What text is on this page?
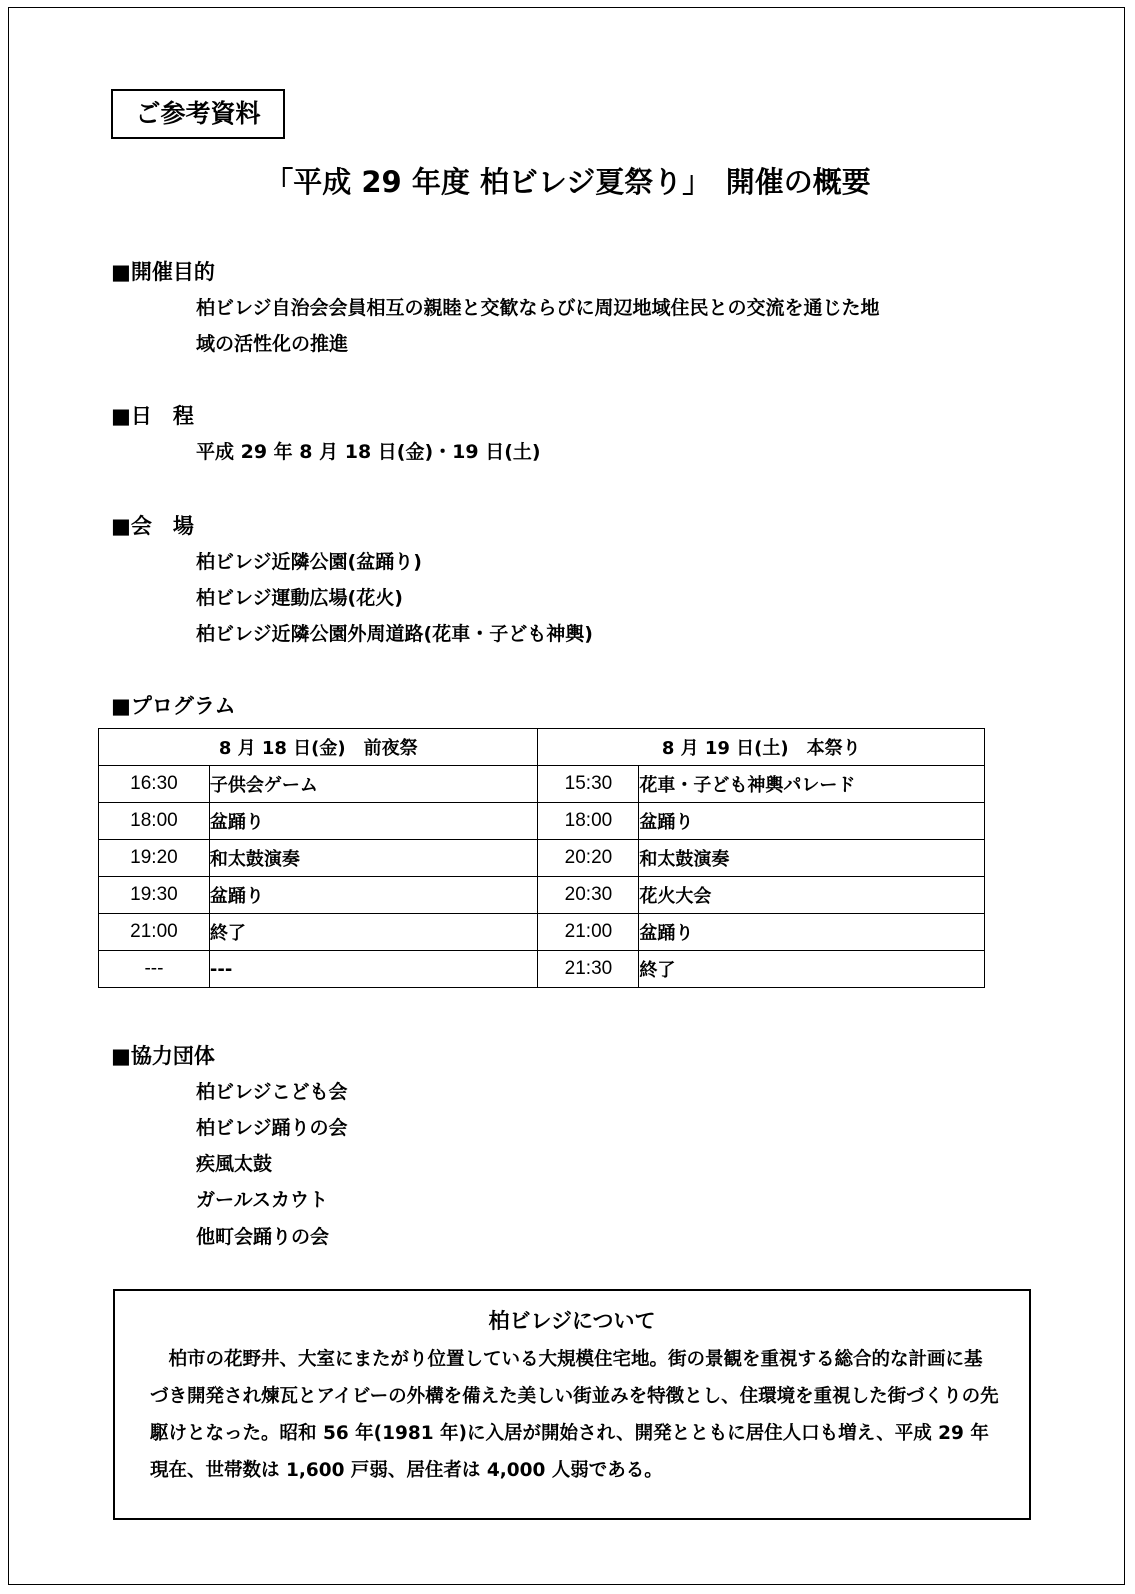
ご参考資料
「平成 29 年度 柏ビレジ夏祭り」　開催の概要
■開催目的
柏ビレジ自治会会員相互の親睦と交歓ならびに周辺地域住民との交流を通じた地
域の活性化の推進
■日　程
平成 29 年 8 月 18 日(金)・19 日(土)
■会　場
柏ビレジ近隣公園(盆踊り)
柏ビレジ運動広場(花火)
柏ビレジ近隣公園外周道路(花車・子ども神輿)
■プログラム
8 月 18 日(金)　前夜祭		8 月 19 日(土)　本祭り	
16:30	子供会ゲーム	15:30	花車・子ども神輿パレード
18:00	盆踊り	18:00	盆踊り
19:20	和太鼓演奏	20:20	和太鼓演奏
19:30	盆踊り	20:30	花火大会
21:00	終了	21:00	盆踊り
---	---	21:30	終了
■協力団体
柏ビレジこども会
柏ビレジ踊りの会
疾風太鼓
ガールスカウト
他町会踊りの会
柏ビレジについて
柏市の花野井、大室にまたがり位置している大規模住宅地。街の景観を重視する総合的な計画に基づき開発され煉瓦とアイビーの外構を備えた美しい街並みを特徴とし、住環境を重視した街づくりの先駆けとなった。昭和 56 年(1981 年)に入居が開始され、開発とともに居住人口も増え、平成 29 年現在、世帯数は 1,600 戸弱、居住者は 4,000 人弱である。
